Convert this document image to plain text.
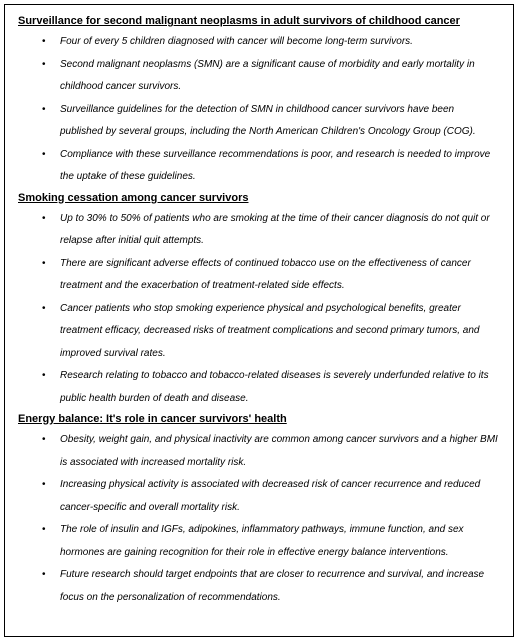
Surveillance for second malignant neoplasms in adult survivors of childhood cancer
• Four of every 5 children diagnosed with cancer will become long-term survivors.
• Second malignant neoplasms (SMN) are a significant cause of morbidity and early mortality in childhood cancer survivors.
• Surveillance guidelines for the detection of SMN in childhood cancer survivors have been published by several groups, including the North American Children's Oncology Group (COG).
• Compliance with these surveillance recommendations is poor, and research is needed to improve the uptake of these guidelines.
Smoking cessation among cancer survivors
• Up to 30% to 50% of patients who are smoking at the time of their cancer diagnosis do not quit or relapse after initial quit attempts.
• There are significant adverse effects of continued tobacco use on the effectiveness of cancer treatment and the exacerbation of treatment-related side effects.
• Cancer patients who stop smoking experience physical and psychological benefits, greater treatment efficacy, decreased risks of treatment complications and second primary tumors, and improved survival rates.
• Research relating to tobacco and tobacco-related diseases is severely underfunded relative to its public health burden of death and disease.
Energy balance: It's role in cancer survivors' health
• Obesity, weight gain, and physical inactivity are common among cancer survivors and a higher BMI is associated with increased mortality risk.
• Increasing physical activity is associated with decreased risk of cancer recurrence and reduced cancer-specific and overall mortality risk.
• The role of insulin and IGFs, adipokines, inflammatory pathways, immune function, and sex hormones are gaining recognition for their role in effective energy balance interventions.
• Future research should target endpoints that are closer to recurrence and survival, and increase focus on the personalization of recommendations.
